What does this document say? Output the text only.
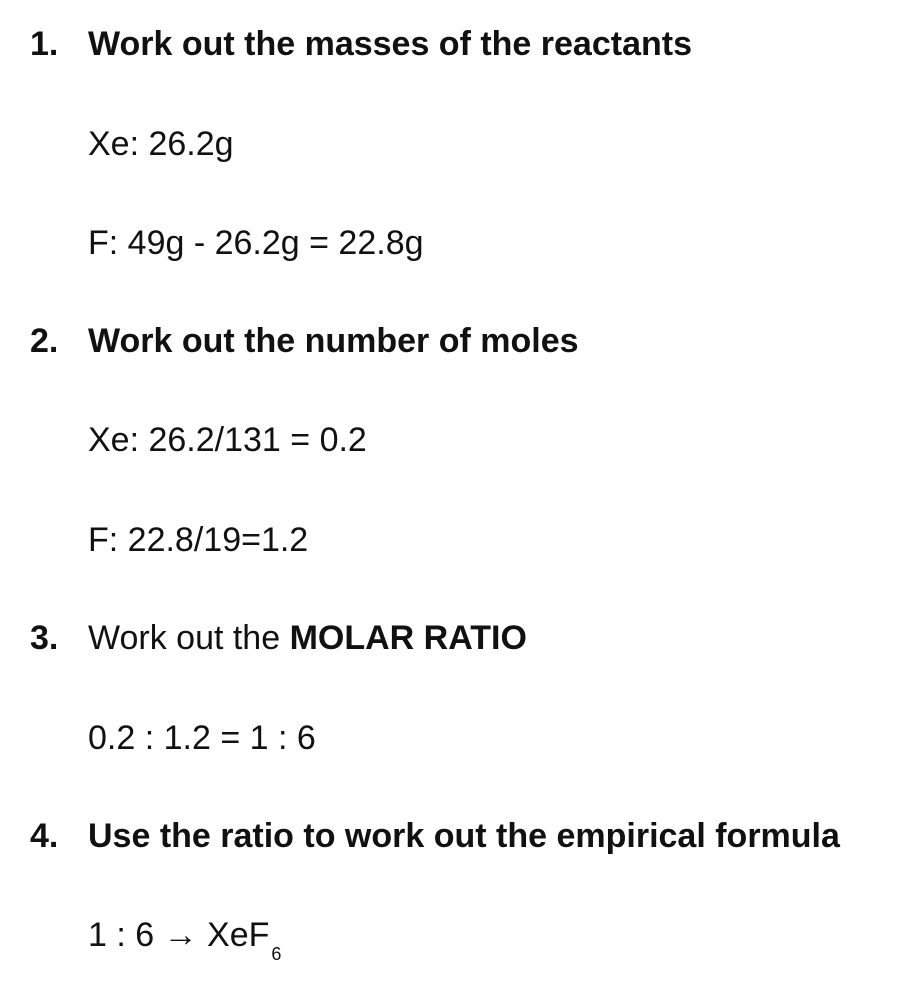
1. Work out the masses of the reactants
Xe: 26.2g
F: 49g - 26.2g = 22.8g
2. Work out the number of moles
Xe: 26.2/131 = 0.2
F: 22.8/19=1.2
3. Work out the MOLAR RATIO
0.2 : 1.2 = 1 : 6
4. Use the ratio to work out the empirical formula
1 : 6 → XeF $_6$
